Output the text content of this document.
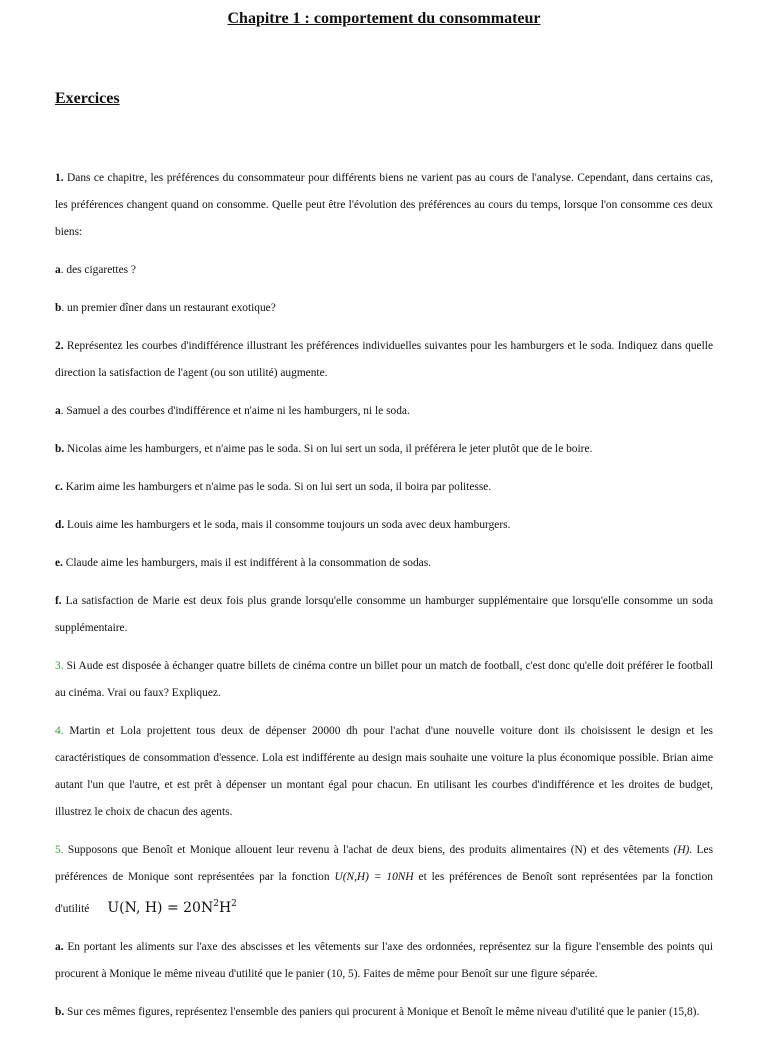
Chapitre 1 : comportement du consommateur
Exercices

1. Dans ce chapitre, les préférences du consommateur pour différents biens ne varient pas au cours de l'analyse. Cependant, dans certains cas, les préférences changent quand on consomme. Quelle peut être l'évolution des préférences au cours du temps, lorsque l'on consomme ces deux biens:

a. des cigarettes ?

b. un premier dîner dans un restaurant exotique?

2. Représentez les courbes d'indifférence illustrant les préférences individuelles suivantes pour les hamburgers et le soda. Indiquez dans quelle direction la satisfaction de l'agent (ou son utilité) augmente.

a. Samuel a des courbes d'indifférence et n'aime ni les hamburgers, ni le soda.

b. Nicolas aime les hamburgers, et n'aime pas le soda. Si on lui sert un soda, il préférera le jeter plutôt que de le boire.

c. Karim aime les hamburgers et n'aime pas le soda. Si on lui sert un soda, il boira par politesse.

d. Louis aime les hamburgers et le soda, mais il consomme toujours un soda avec deux hamburgers.

e. Claude aime les hamburgers, mais il est indifférent à la consommation de sodas.

f. La satisfaction de Marie est deux fois plus grande lorsqu'elle consomme un hamburger supplémentaire que lorsqu'elle consomme un soda supplémentaire.

3. Si Aude est disposée à échanger quatre billets de cinéma contre un billet pour un match de football, c'est donc qu'elle doit préférer le football au cinéma. Vrai ou faux? Expliquez.

4. Martin et Lola projettent tous deux de dépenser 20000 dh pour l'achat d'une nouvelle voiture dont ils choisissent le design et les caractéristiques de consommation d'essence. Lola est indifférente au design mais souhaite une voiture la plus économique possible. Brian aime autant l'un que l'autre, et est prêt à dépenser un montant égal pour chacun. En utilisant les courbes d'indifférence et les droites de budget, illustrez le choix de chacun des agents.

5. Supposons que Benoît et Monique allouent leur revenu à l'achat de deux biens, des produits alimentaires (N) et des vêtements (H). Les préférences de Monique sont représentées par la fonction U(N,H) = 10NH et les préférences de Benoît sont représentées par la fonction d'utilité U(N, $H) = 20N^2H^2$

a. En portant les aliments sur l'axe des abscisses et les vêtements sur l'axe des ordonnées, représentez sur la figure l'ensemble des points qui procurent à Monique le même niveau d'utilité que le panier (10, 5). Faites de même pour Benoît sur une figure séparée.

b. Sur ces mêmes figures, représentez l'ensemble des paniers qui procurent à Monique et Benoît le même niveau d'utilité que le panier (15,8).
